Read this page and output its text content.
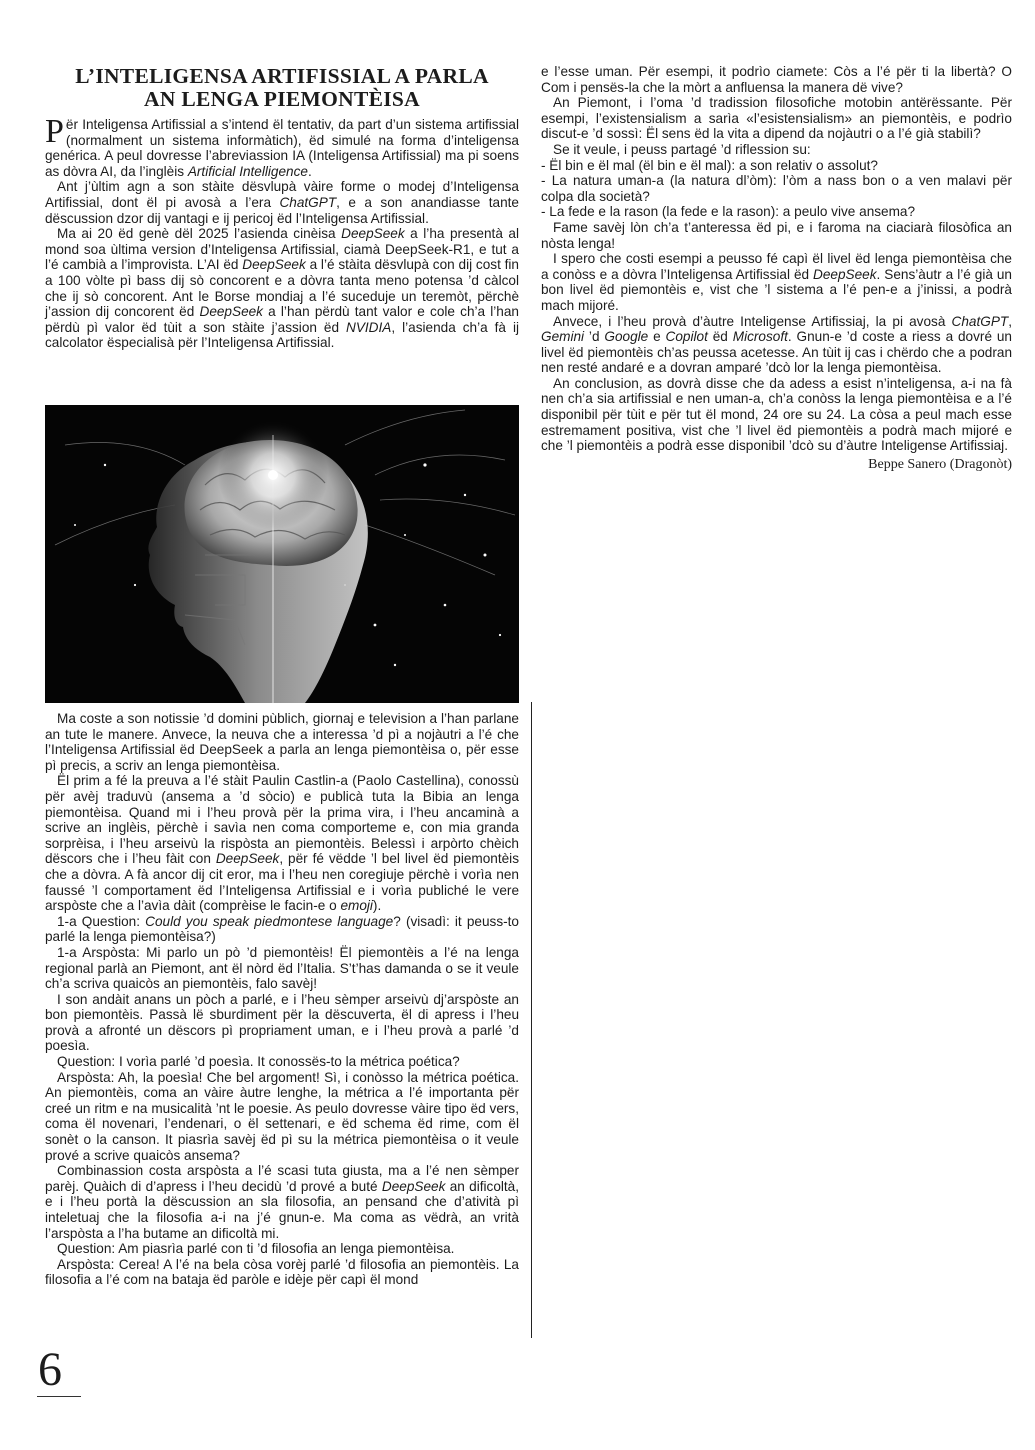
L’INTELIGENSA ARTIFISSIAL A PARLA
AN LENGA PIEMONTÈISA

Për Inteligensa Artifissial a s’intend ël tentativ, da part d’un sistema artifissial (normalment un sistema informàtich), ëd simulé na forma d’inteligensa genérica. A peul dovresse l’abreviassion IA (Inteligensa Artifissial) ma pi soens as dòvra AI, da l’inglèis Artificial Intelligence.

Ant j’ùltim agn a son stàite dësvlupà vàire forme o modej d’Inteligensa Artifissial, dont ël pi avosà a l’era ChatGPT, e a son anandiasse tante dëscussion dzor dij vantagi e ij pericoj ëd l’Inteligensa Artifissial.

Ma ai 20 ëd genè dël 2025 l’asienda cinèisa DeepSeek a l’ha presentà al mond soa ùltima version d’Inteligensa Artifissial, ciamà DeepSeek-R1, e tut a l’é cambià a l’improvista. L’AI ëd DeepSeek a l’é stàita dësvlupà con dij cost fin a 100 vòlte pì bass dij sò concorent e a dòvra tanta meno potensa ’d càlcol che ij sò concorent. Ant le Borse mondiaj a l’é suceduje un teremòt, përchè j’assion dij concorent ëd DeepSeek a l’han përdù tant valor e cole ch’a l’han përdù pì valor ëd tùit a son stàite j’assion ëd NVIDIA, l’asienda ch’a fà ij calcolator ëspecialisà për l’Inteligensa Artifissial.

Ma coste a son notissie ’d domini pùblich, giornaj e television a l’han parlane an tute le manere. Anvece, la neuva che a interessa ’d pì a nojàutri a l’é che l’Inteligensa Artifissial ëd DeepSeek a parla an lenga piemontèisa o, për esse pì precis, a scriv an lenga piemontèisa.

Ël prim a fé la preuva a l’é stàit Paulin Castlin-a (Paolo Castellina), conossù për avèj traduvù (ansema a ’d sòcio) e publicà tuta la Bibia an lenga piemontèisa. Quand mi i l’heu provà për la prima vira, i l’heu ancaminà a scrive an inglèis, përchè i savìa nen coma comporteme e, con mia granda sorprèisa, i l’heu arseivù la rispòsta an piemontèis. Belessì i arpòrto chèich dëscors che i l’heu fàit con DeepSeek, për fé vëdde ’l bel livel ëd piemontèis che a dòvra. A fà ancor dij cit eror, ma i l’heu nen coregiuje përchè i vorìa nen faussé ’l comportament ëd l’Inteligensa Artifissial e i vorìa publiché le vere arspòste che a l’avìa dàit (comprèise le facin-e o emoji).

1-a Question: Could you speak piedmontese language? (visadì: it peuss-to parlé la lenga piemontèisa?)

1-a Arspòsta: Mi parlo un pò ’d piemontèis! Ël piemontèis a l’é na lenga regional parlà an Piemont, ant ël nòrd ëd l’Italia. S’t’has damanda o se it veule ch’a scriva quaicòs an piemontèis, falo savèj!

I son andàit anans un pòch a parlé, e i l’heu sèmper arseivù dj’arspòste an bon piemontèis. Passà lë sburdiment për la dëscuverta, ël di apress i l’heu provà a afronté un dëscors pì propriament uman, e i l’heu provà a parlé ’d poesìa.

Question: I vorìa parlé ’d poesìa. It conossës-to la métrica poética?

Arspòsta: Ah, la poesìa! Che bel argoment! Sì, i conòsso la métrica poética. An piemontèis, coma an vàire àutre lenghe, la métrica a l’é importanta për creé un ritm e na musicalità ’nt le poesie. As peulo dovresse vàire tipo ëd vers, coma ël novenari, l’endenari, o ël settenari, e ëd schema ëd rime, com ël sonèt o la canson. It piasrìa savèj ëd pì su la métrica piemontèisa o it veule prové a scrive quaicòs ansema?

Combinassion costa arspòsta a l’é scasi tuta giusta, ma a l’é nen sèmper parèj. Quàich di d’apress i l’heu decidù ’d prové a buté DeepSeek an dificoltà, e i l’heu portà la dëscussion an sla filosofia, an pensand che d’atività pì inteletuaj che la filosofia a-i na j’é gnun-e. Ma coma as vëdrà, an vrità l’arspòsta a l’ha butame an dificoltà mi.

Question: Am piasrìa parlé con ti ’d filosofia an lenga piemontèisa.

Arspòsta: Cerea! A l’é na bela còsa vorèj parlé ’d filosofia an piemontèis. La filosofia a l’é com na bataja ëd paròle e idèje për capì ël mond

e l’esse uman. Për esempi, it podrìo ciamete: Còs a l’é për ti la libertà? O Com i pensës-la che la mòrt a anfluensa la manera dë vive?

An Piemont, i l’oma ’d tradission filosofiche motobin antërëssante. Për esempi, l’existensialism a sarìa «l’esistensialism» an piemontèis, e podrìo discut-e ’d sossì: Ël sens ëd la vita a dipend da nojàutri o a l’é già stabilì?

Se it veule, i peuss partagé ’d riflession su:

- Ël bin e ël mal (ël bin e ël mal): a son relativ o assolut?

- La natura uman-a (la natura dl’òm): l’òm a nass bon o a ven malavi për colpa dla società?

- La fede e la rason (la fede e la rason): a peulo vive ansema?

Fame savèj lòn ch’a t’anteressa ëd pi, e i faroma na ciaciarà filosòfica an nòsta lenga!

I spero che costi esempi a peusso fé capì ël livel ëd lenga piemontèisa che a conòss e a dòvra l’Inteligensa Artifissial ëd DeepSeek. Sens’àutr a l’é già un bon livel ëd piemontèis e, vist che ’l sistema a l’é pen-e a j’inissi, a podrà mach mijoré.

Anvece, i l’heu provà d’àutre Inteligense Artifissiaj, la pi avosà ChatGPT, Gemini ’d Google e Copilot ëd Microsoft. Gnun-e ’d coste a riess a dovré un livel ëd piemontèis ch’as peussa acetesse. An tùit ij cas i chërdo che a podran nen resté andaré e a dovran amparé ’dcò lor la lenga piemontèisa.

An conclusion, as dovrà disse che da adess a esist n’inteligensa, a-i na fà nen ch’a sia artifissial e nen uman-a, ch’a conòss la lenga piemontèisa e a l’é disponibil për tùit e për tut ël mond, 24 ore su 24. La còsa a peul mach esse estremament positiva, vist che ’l livel ëd piemontèis a podrà mach mijoré e che ’l piemontèis a podrà esse disponibil ’dcò su d’àutre Inteligense Artifissiaj.

Beppe Sanero (Dragonòt)
6
